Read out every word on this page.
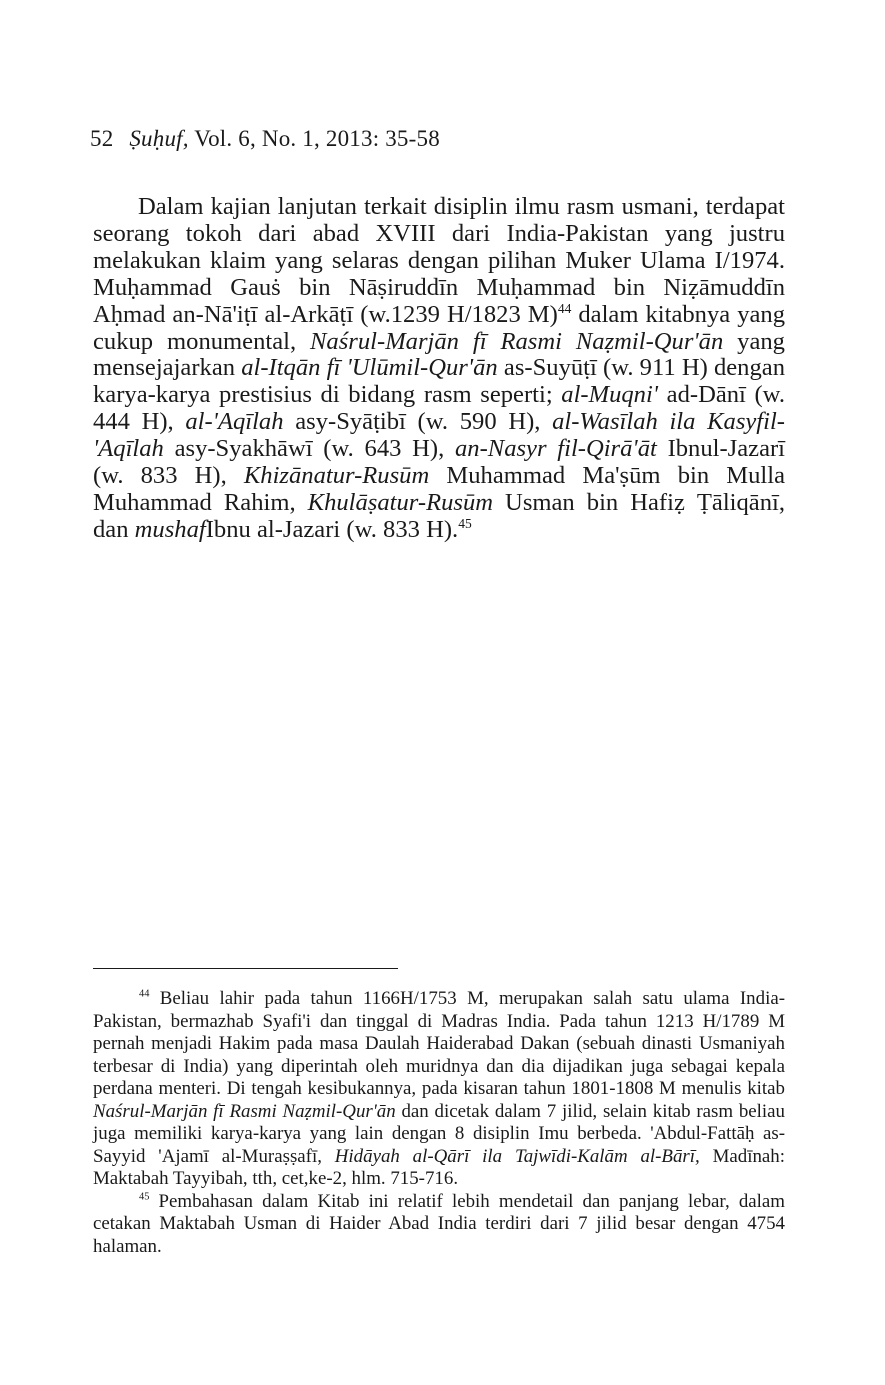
52 Ṣuḥuf, Vol. 6, No. 1, 2013: 35-58

Dalam kajian lanjutan terkait disiplin ilmu rasm usmani, terdapat seorang tokoh dari abad XVIII dari India-Pakistan yang justru melakukan klaim yang selaras dengan pilihan Muker Ulama I/1974. Muḥammad Gauṡ bin Nāṣiruddīn Muḥammad bin Niẓāmuddīn Aḥmad an-Nā'iṭī al-Arkāṭī (w.1239 H/1823 M)$^{44}$ dalam kitabnya yang cukup monumental, Naśrul-Marjān fī Rasmi Naẓmil-Qur'ān yang mensejajarkan al-Itqān fī 'Ulūmil-Qur'ān as-Suyūṭī (w. 911 H) dengan karya-karya prestisius di bidang rasm seperti; al-Muqni' ad-Dānī (w. 444 H), al-'Aqīlah asy-Syāṭibī (w. 590 H), al-Wasīlah ila Kasyfil-'Aqīlah asy-Syakhāwī (w. 643 H), an-Nasyr fil-Qirā'āt Ibnul-Jazarī (w. 833 H), Khizānatur-Rusūm Muhammad Ma'ṣūm bin Mulla Muhammad Rahim, Khulāṣatur-Rusūm Usman bin Hafiẓ Ṭāliqānī, dan mushafIbnu al-Jazari (w. 833 H).$^{45}$

$^{44}$ Beliau lahir pada tahun 1166H/1753 M, merupakan salah satu ulama India-Pakistan, bermazhab Syafi'i dan tinggal di Madras India. Pada tahun 1213 H/1789 M pernah menjadi Hakim pada masa Daulah Haiderabad Dakan (sebuah dinasti Usmaniyah terbesar di India) yang diperintah oleh muridnya dan dia dijadikan juga sebagai kepala perdana menteri. Di tengah kesibukannya, pada kisaran tahun 1801-1808 M menulis kitab Naśrul-Marjān fī Rasmi Naẓmil-Qur'ān dan dicetak dalam 7 jilid, selain kitab rasm beliau juga memiliki karya-karya yang lain dengan 8 disiplin Imu berbeda. 'Abdul-Fattāḥ as-Sayyid 'Ajamī al-Muraṣṣafī, Hidāyah al-Qārī ila Tajwīdi-Kalām al-Bārī, Madīnah: Maktabah Tayyibah, tth, cet,ke-2, hlm. 715-716.

$^{45}$ Pembahasan dalam Kitab ini relatif lebih mendetail dan panjang lebar, dalam cetakan Maktabah Usman di Haider Abad India terdiri dari 7 jilid besar dengan 4754 halaman.
